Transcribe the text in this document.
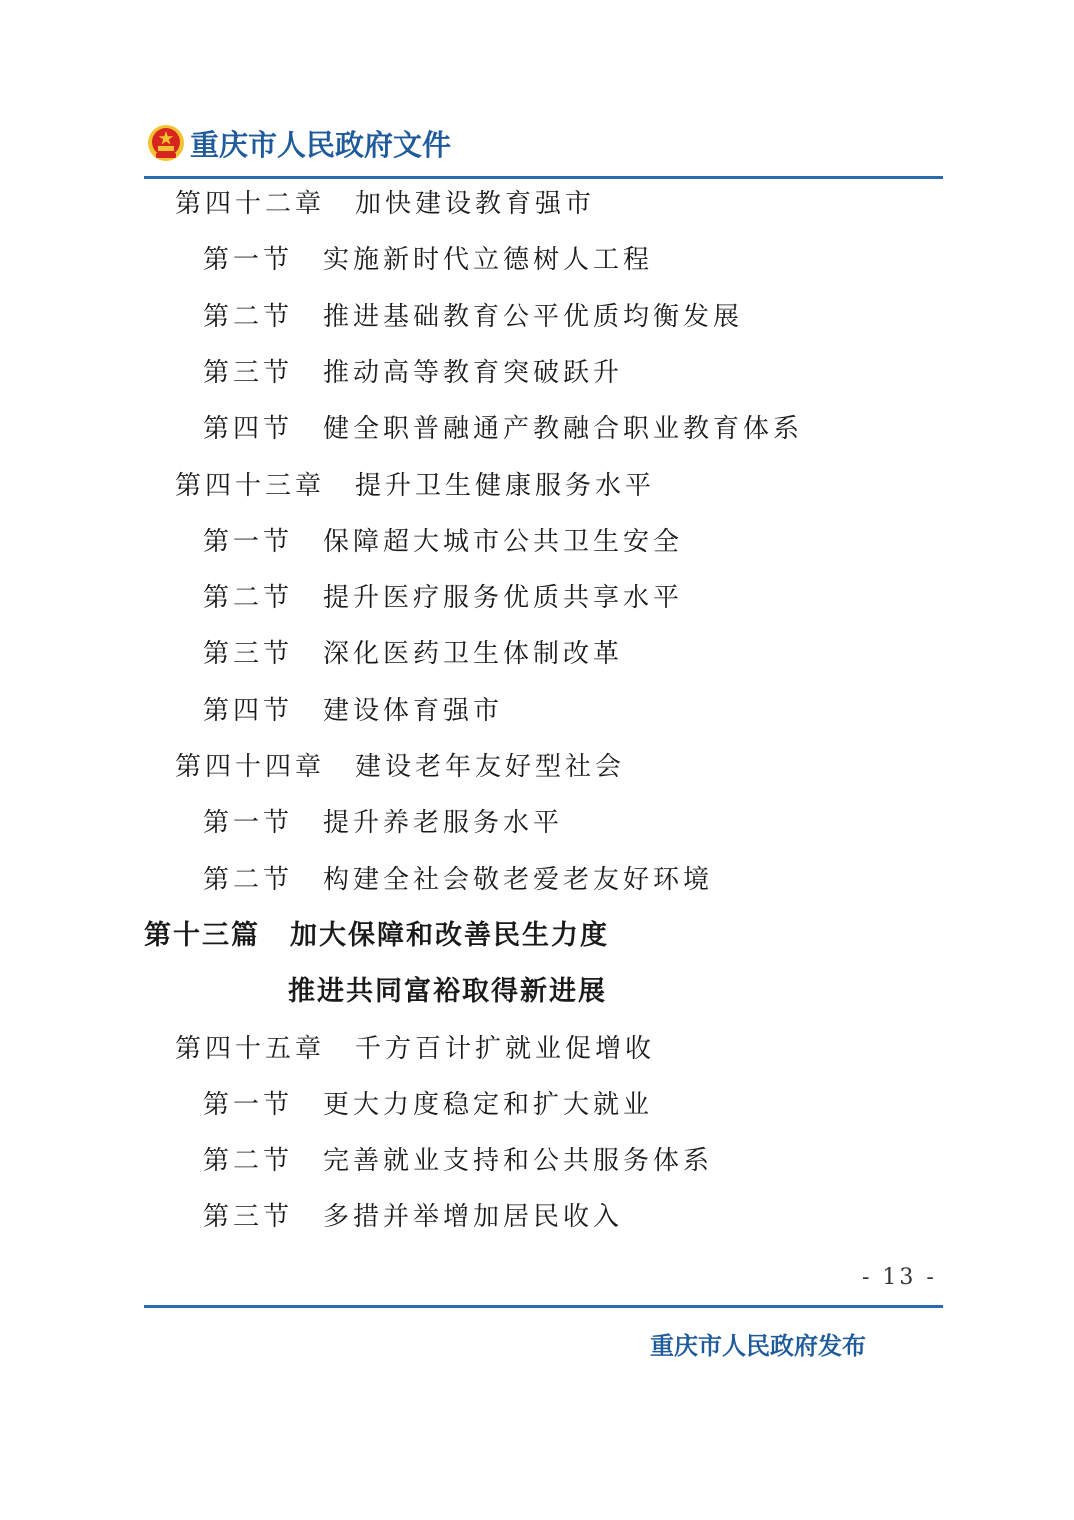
重庆市人民政府文件
第四十二章 加快建设教育强市
第一节 实施新时代立德树人工程
第二节 推进基础教育公平优质均衡发展
第三节 推动高等教育突破跃升
第四节 健全职普融通产教融合职业教育体系
第四十三章 提升卫生健康服务水平
第一节 保障超大城市公共卫生安全
第二节 提升医疗服务优质共享水平
第三节 深化医药卫生体制改革
第四节 建设体育强市
第四十四章 建设老年友好型社会
第一节 提升养老服务水平
第二节 构建全社会敬老爱老友好环境
第十三篇 加大保障和改善民生力度
推进共同富裕取得新进展
第四十五章 千方百计扩就业促增收
第一节 更大力度稳定和扩大就业
第二节 完善就业支持和公共服务体系
第三节 多措并举增加居民收入
- 13 -
重庆市人民政府发布
